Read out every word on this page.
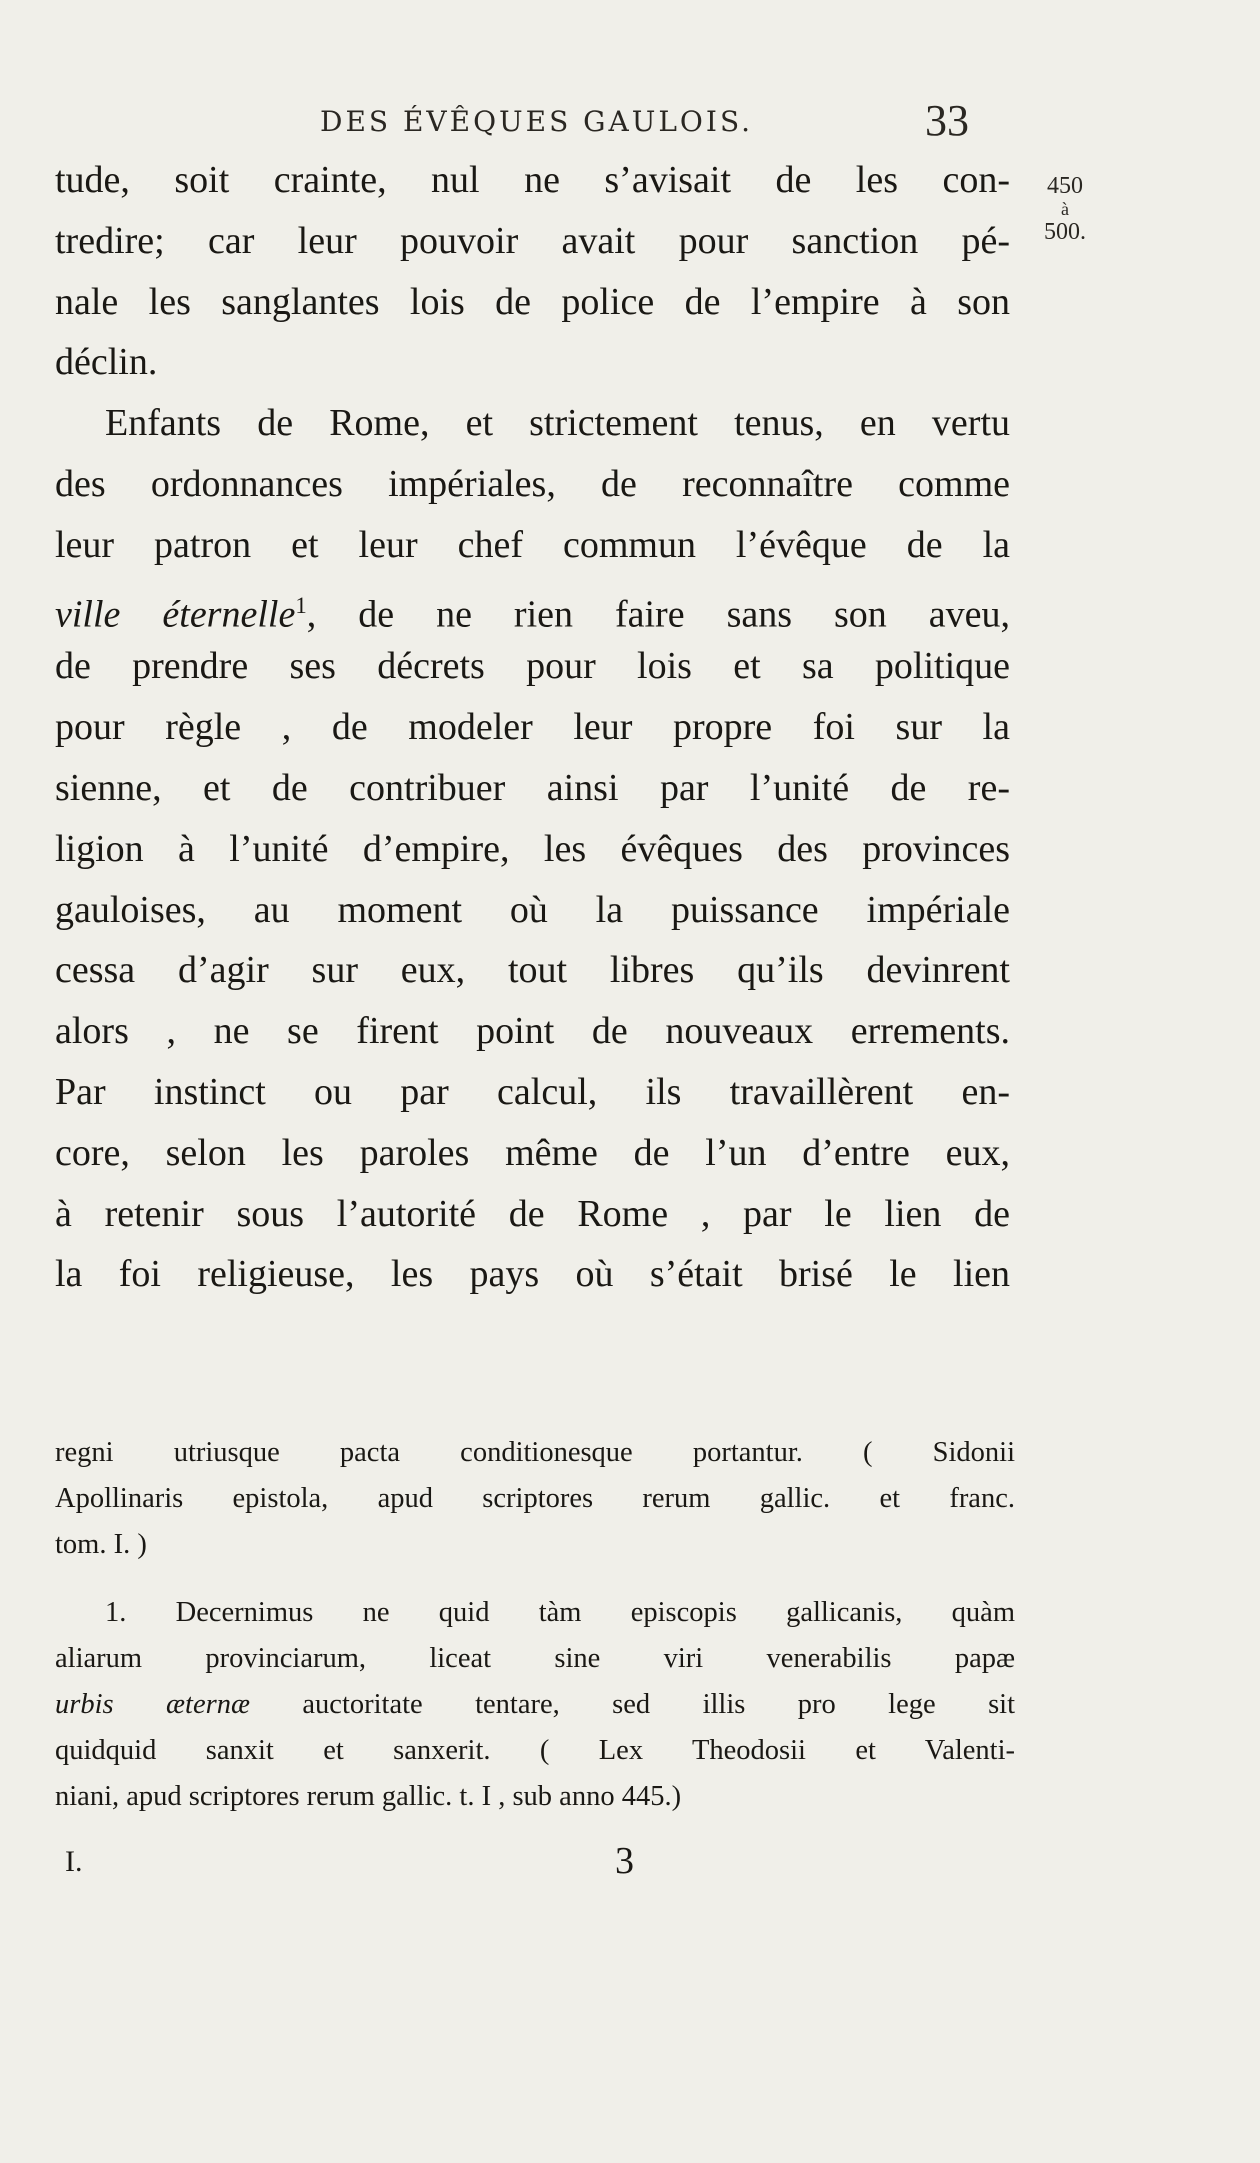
DES ÉVÊQUES GAULOIS.	33
450
à
500.
tude, soit crainte, nul ne s’avisait de les con-
tredire; car leur pouvoir avait pour sanction pé-
nale les sanglantes lois de police de l’empire à son
déclin.
Enfants de Rome, et strictement tenus, en vertu
des ordonnances impériales, de reconnaître comme
leur patron et leur chef commun l’évêque de la
ville éternelle$^1$, de ne rien faire sans son aveu,
de prendre ses décrets pour lois et sa politique
pour règle , de modeler leur propre foi sur la
sienne, et de contribuer ainsi par l’unité de re-
ligion à l’unité d’empire, les évêques des provinces
gauloises, au moment où la puissance impériale
cessa d’agir sur eux, tout libres qu’ils devinrent
alors , ne se firent point de nouveaux errements.
Par instinct ou par calcul, ils travaillèrent en-
core, selon les paroles même de l’un d’entre eux,
à retenir sous l’autorité de Rome , par le lien de
la foi religieuse, les pays où s’était brisé le lien
regni utriusque pacta conditionesque portantur. ( Sidonii
Apollinaris epistola, apud scriptores rerum gallic. et franc.
tom. I. )
1. Decernimus ne quid tàm episcopis gallicanis, quàm
aliarum provinciarum, liceat sine viri venerabilis papæ
urbis æternæ auctoritate tentare, sed illis pro lege sit
quidquid sanxit et sanxerit. ( Lex Theodosii et Valenti-
niani, apud scriptores rerum gallic. t. I , sub anno 445.)
I.	3
